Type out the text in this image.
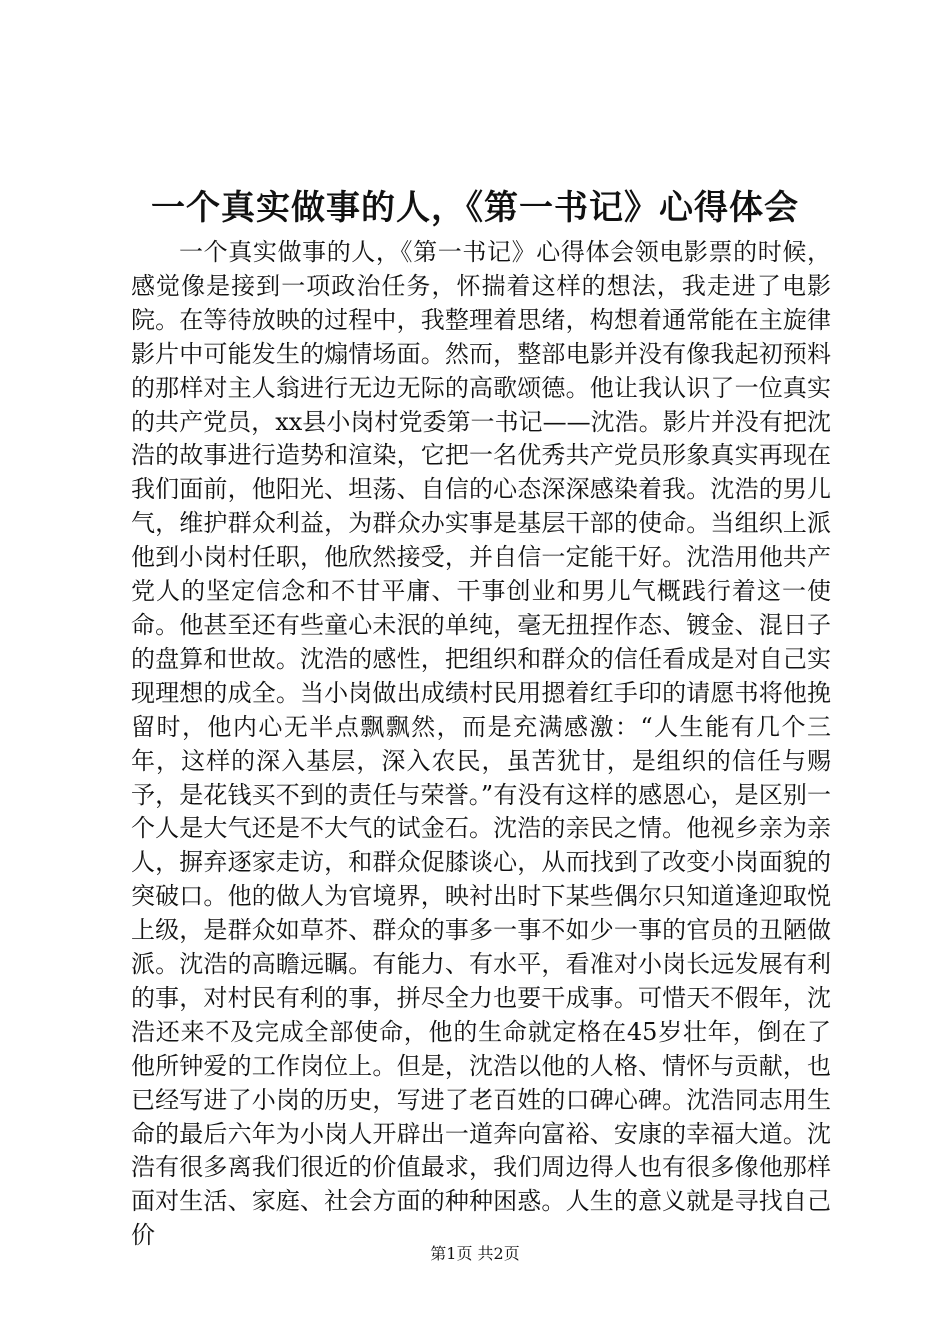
一个真实做事的人，《第一书记》心得体会

一个真实做事的人，《第一书记》心得体会领电影票的时候，感觉像是接到一项政治任务，怀揣着这样的想法，我走进了电影院。在等待放映的过程中，我整理着思绪，构想着通常能在主旋律影片中可能发生的煽情场面。然而，整部电影并没有像我起初预料的那样对主人翁进行无边无际的高歌颂德。他让我认识了一位真实的共产党员，xx县小岗村党委第一书记——沈浩。影片并没有把沈浩的故事进行造势和渲染，它把一名优秀共产党员形象真实再现在我们面前，他阳光、坦荡、自信的心态深深感染着我。沈浩的男儿气，维护群众利益，为群众办实事是基层干部的使命。当组织上派他到小岗村任职，他欣然接受，并自信一定能干好。沈浩用他共产党人的坚定信念和不甘平庸、干事创业和男儿气概践行着这一使命。他甚至还有些童心未泯的单纯，毫无扭捏作态、镀金、混日子的盘算和世故。沈浩的感性，把组织和群众的信任看成是对自己实现理想的成全。当小岗做出成绩村民用摁着红手印的请愿书将他挽留时，他内心无半点飘飘然，而是充满感激：“人生能有几个三年，这样的深入基层，深入农民，虽苦犹甘，是组织的信任与赐予，是花钱买不到的责任与荣誉。”有没有这样的感恩心，是区别一个人是大气还是不大气的试金石。沈浩的亲民之情。他视乡亲为亲人，摒弃逐家走访，和群众促膝谈心，从而找到了改变小岗面貌的突破口。他的做人为官境界，映衬出时下某些偶尔只知道逢迎取悦上级，是群众如草芥、群众的事多一事不如少一事的官员的丑陋做派。沈浩的高瞻远瞩。有能力、有水平，看准对小岗长远发展有利的事，对村民有利的事，拼尽全力也要干成事。可惜天不假年，沈浩还来不及完成全部使命，他的生命就定格在45岁壮年，倒在了他所钟爱的工作岗位上。但是，沈浩以他的人格、情怀与贡献，也已经写进了小岗的历史，写进了老百姓的口碑心碑。沈浩同志用生命的最后六年为小岗人开辟出一道奔向富裕、安康的幸福大道。沈浩有很多离我们很近的价值最求，我们周边得人也有很多像他那样面对生活、家庭、社会方面的种种困惑。人生的意义就是寻找自己价

第1页 共2页
